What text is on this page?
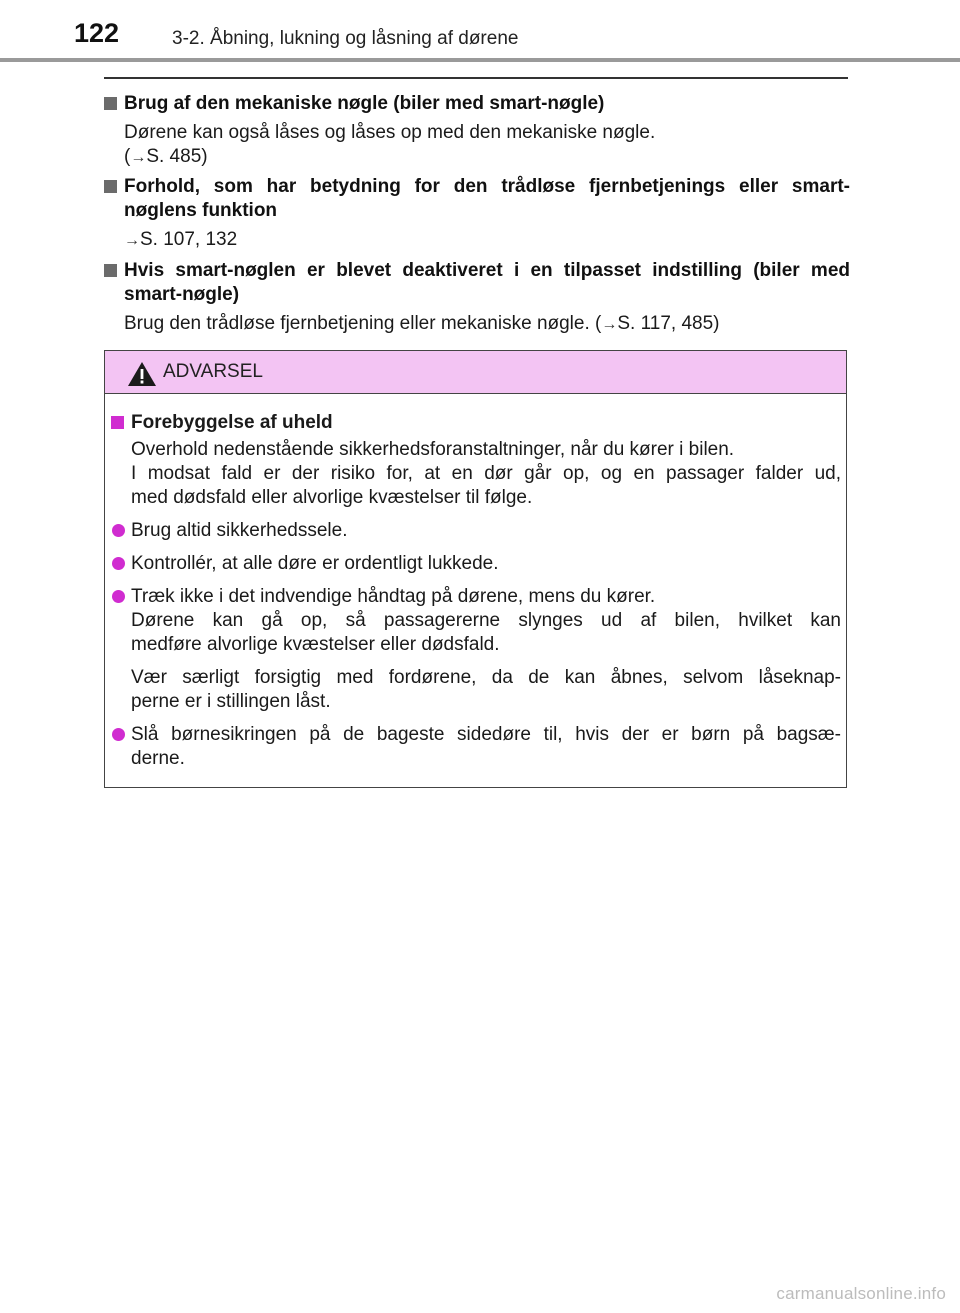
122	3-2. Åbning, lukning og låsning af dørene
Brug af den mekaniske nøgle (biler med smart-nøgle)
Dørene kan også låses og låses op med den mekaniske nøgle.
(→S. 485)
Forhold, som har betydning for den trådløse fjernbetjenings eller smart-
nøglens funktion
→S. 107, 132
Hvis smart-nøglen er blevet deaktiveret i en tilpasset indstilling (biler med
smart-nøgle)
Brug den trådløse fjernbetjening eller mekaniske nøgle. (→S. 117, 485)
ADVARSEL
Forebyggelse af uheld
Overhold nedenstående sikkerhedsforanstaltninger, når du kører i bilen.
I modsat fald er der risiko for, at en dør går op, og en passager falder ud,
med dødsfald eller alvorlige kvæstelser til følge.
Brug altid sikkerhedssele.
Kontrollér, at alle døre er ordentligt lukkede.
Træk ikke i det indvendige håndtag på dørene, mens du kører.
Dørene kan gå op, så passagererne slynges ud af bilen, hvilket kan
medføre alvorlige kvæstelser eller dødsfald.
Vær særligt forsigtig med fordørene, da de kan åbnes, selvom låseknap-
perne er i stillingen låst.
Slå børnesikringen på de bageste sidedøre til, hvis der er børn på bagsæ-
derne.
carmanualsonline.info
